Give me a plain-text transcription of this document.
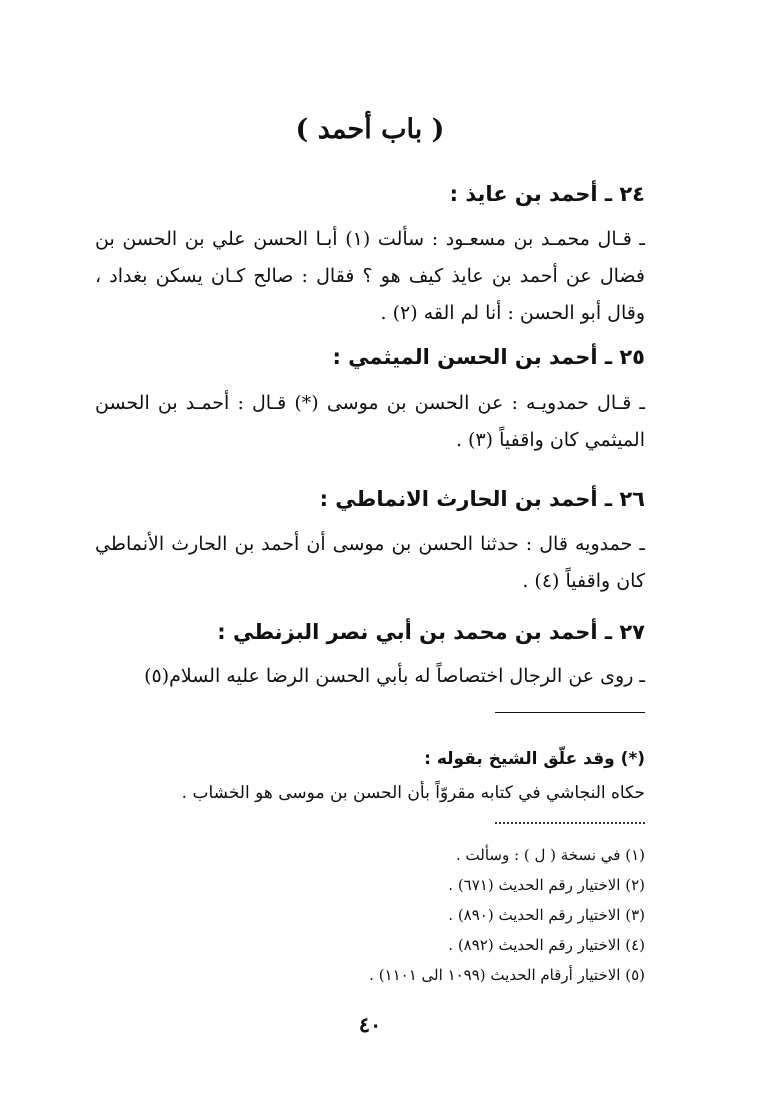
( باب أحمد )
٢٤ ـ أحمد بن عايذ :
ـ قـال محمـد بن مسعـود : سألت (١) أبـا الحسن علي بن الحسن بن فضال عن أحمد بن عايذ كيف هو ؟ فقال : صالح كـان يسكن بغداد ، وقال أبو الحسن : أنا لم القه (٢) .
٢٥ ـ أحمد بن الحسن الميثمي :
ـ قـال حمدويـه : عن الحسن بن موسى (*) قـال : أحمـد بن الحسن الميثمي كان واقفياً (٣) .
٢٦ ـ أحمد بن الحارث الانماطي :
ـ حمدويه قال : حدثنا الحسن بن موسى أن أحمد بن الحارث الأنماطي كان واقفياً (٤) .
٢٧ ـ أحمد بن محمد بن أبي نصر البزنطي :
ـ روى عن الرجال اختصاصاً له بأبي الحسن الرضا عليه السلام(٥)
(*) وقد علّق الشيخ بقوله :
حكاه النجاشي في كتابه مقروّاً بأن الحسن بن موسى هو الخشاب .
(١) في نسخة ( ل ) : وسألت .
(٢) الاختيار رقم الحديث (٦٧١) .
(٣) الاختيار رقم الحديث (٨٩٠) .
(٤) الاختيار رقم الحديث (٨٩٢) .
(٥) الاختيار أرقام الحديث (١٠٩٩ الى ١١٠١) .
٤٠
